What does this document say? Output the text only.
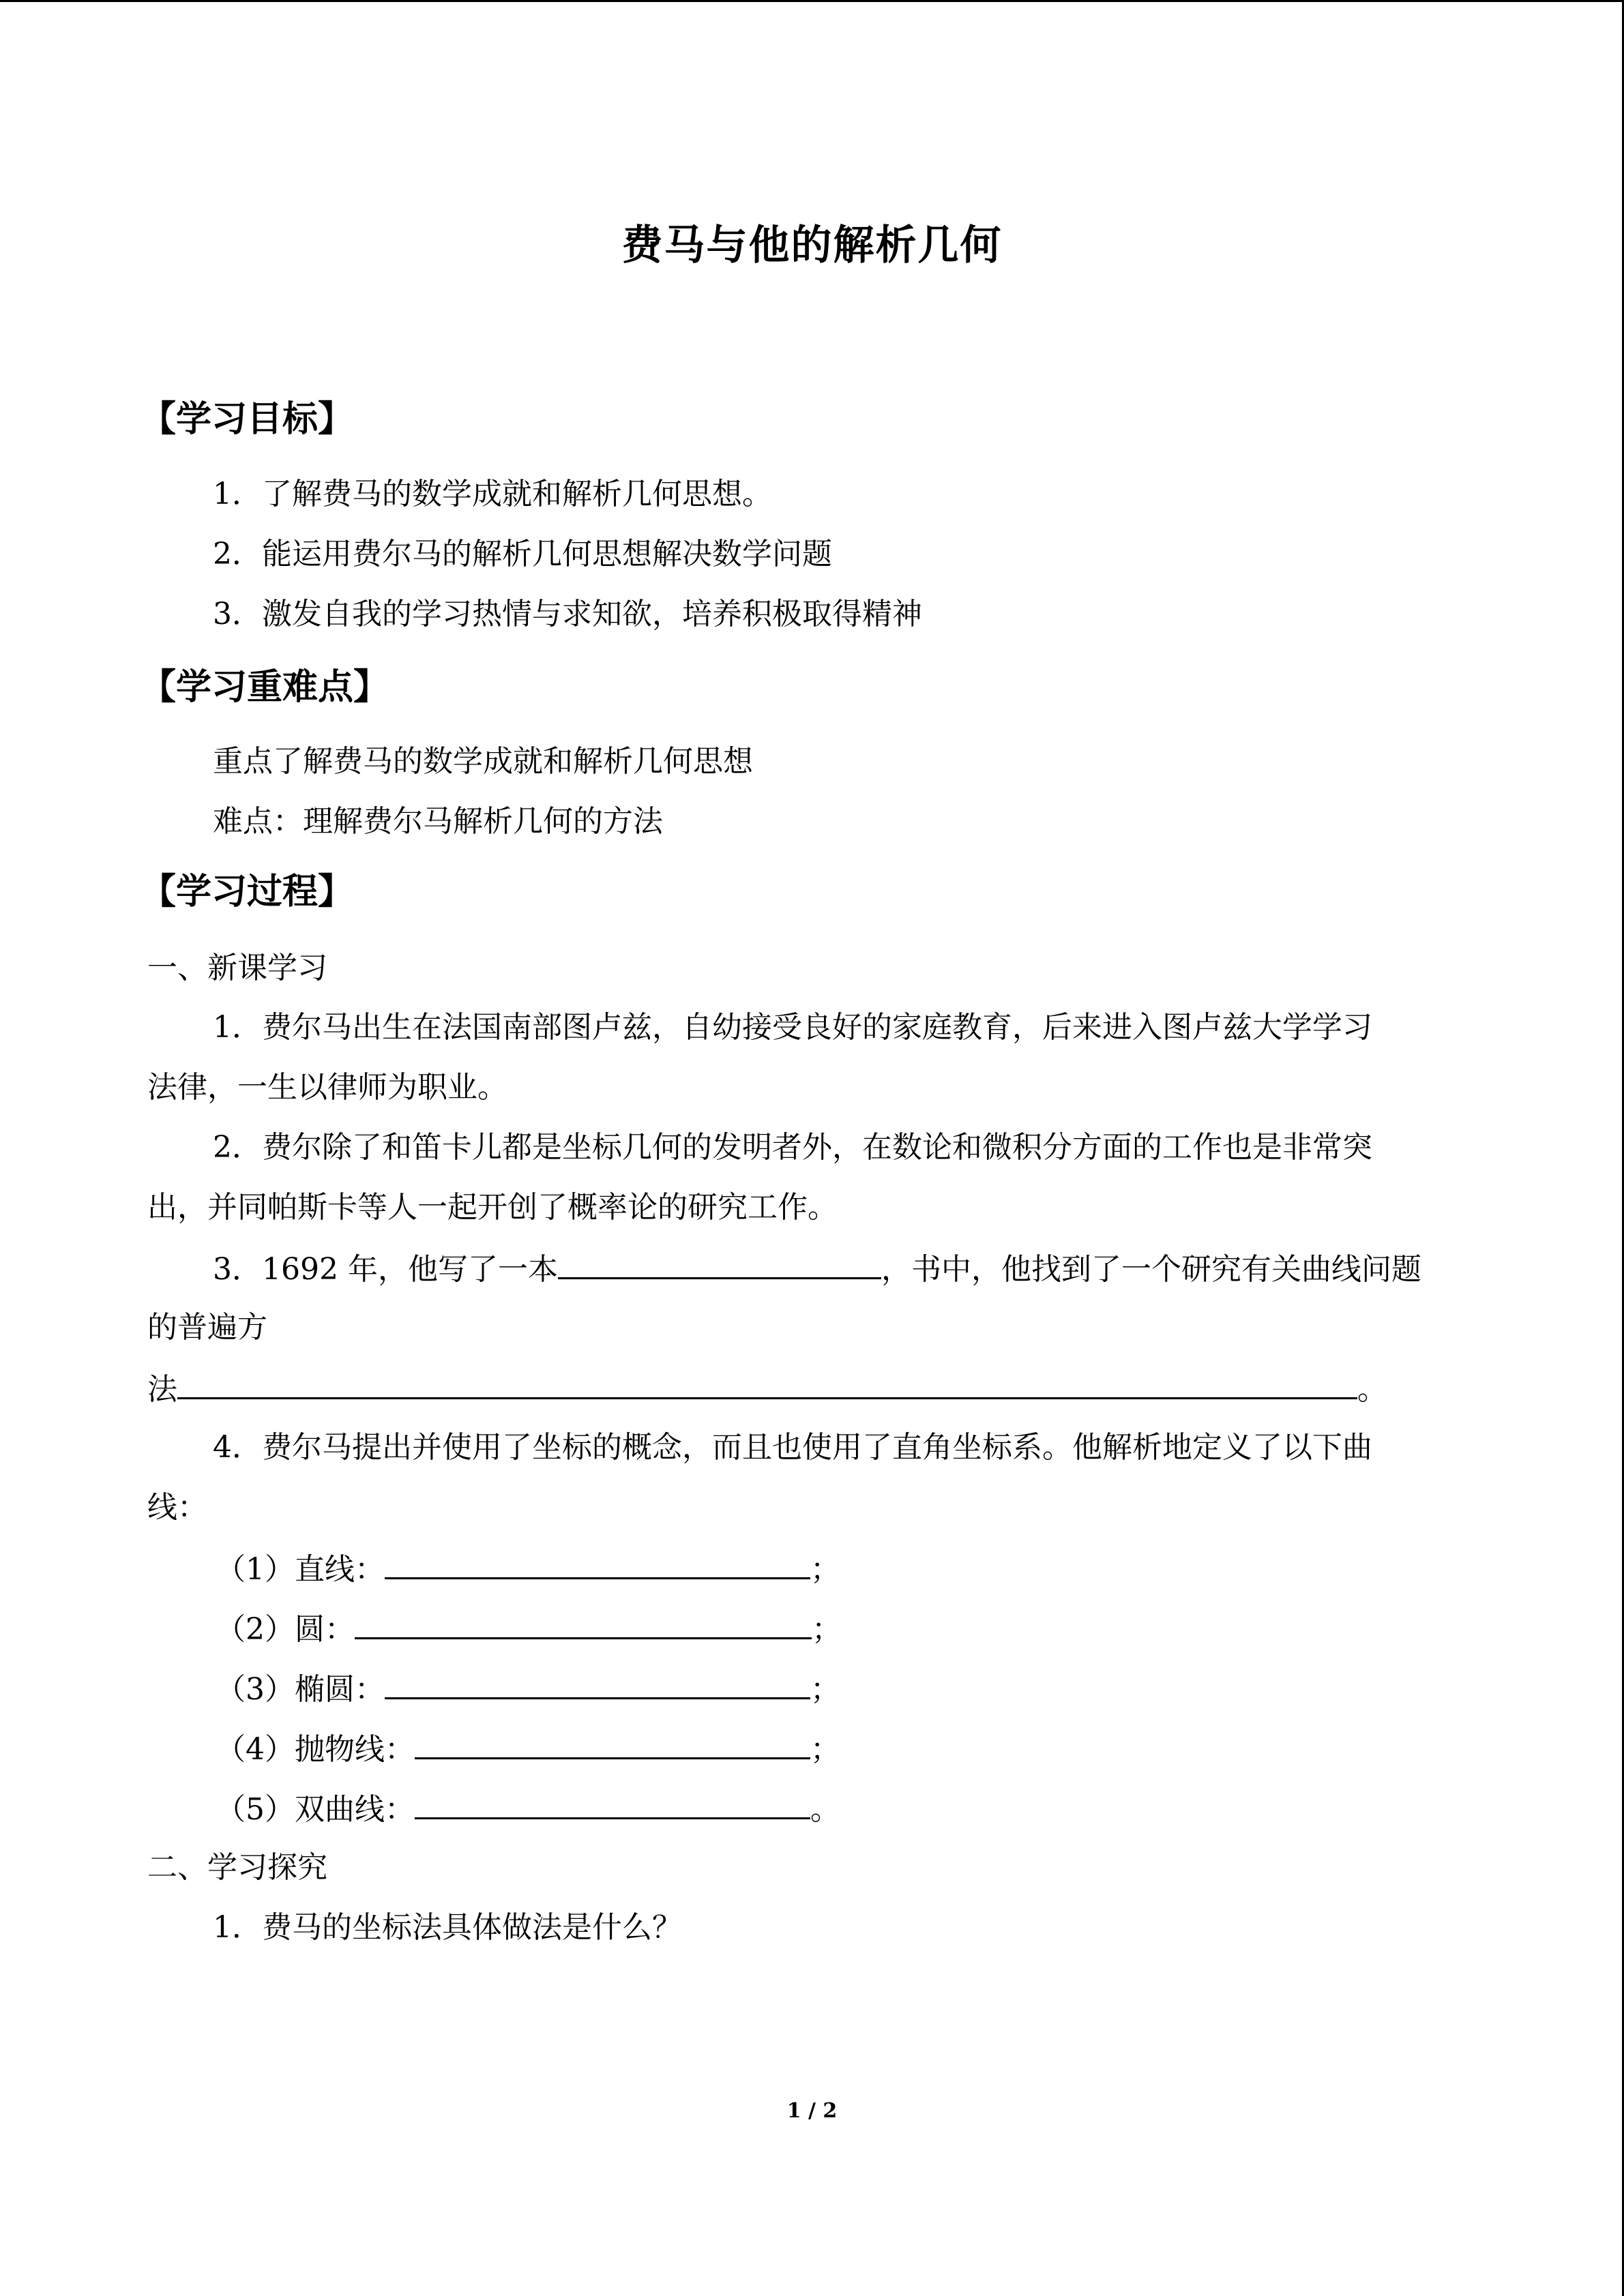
费马与他的解析几何
【学习目标】
1．了解费马的数学成就和解析几何思想。
2．能运用费尔马的解析几何思想解决数学问题
3．激发自我的学习热情与求知欲，培养积极取得精神
【学习重难点】
重点了解费马的数学成就和解析几何思想
难点：理解费尔马解析几何的方法
【学习过程】
一、新课学习
1．费尔马出生在法国南部图卢兹，自幼接受良好的家庭教育，后来进入图卢兹大学学习
法律，一生以律师为职业。
2．费尔除了和笛卡儿都是坐标几何的发明者外，在数论和微积分方面的工作也是非常突
出，并同帕斯卡等人一起开创了概率论的研究工作。
3．1692 年，他写了一本	，书中，他找到了一个研究有关曲线问题
的普遍方
法	。
4．费尔马提出并使用了坐标的概念，而且也使用了直角坐标系。他解析地定义了以下曲
线：
（1）直线：	；
（2）圆：	；
（3）椭圆：	；
（4）抛物线：	；
（5）双曲线：	。
二、学习探究
1．费马的坐标法具体做法是什么？
1 / 2
